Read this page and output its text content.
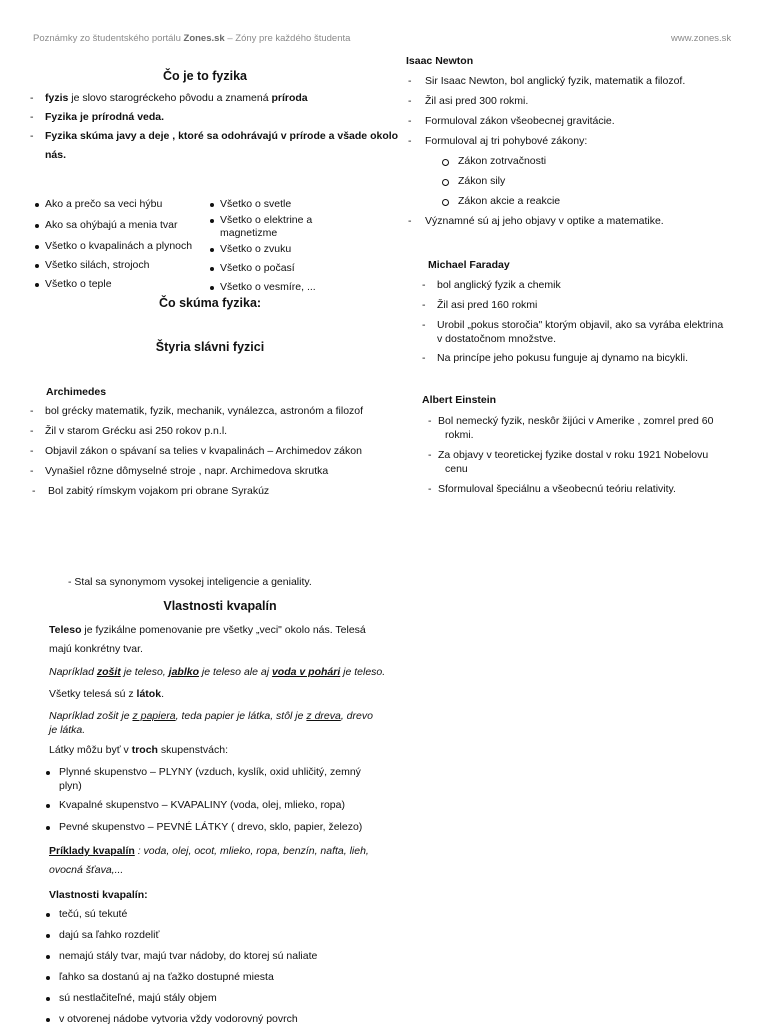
Poznámky zo študentského portálu Zones.sk – Zóny pre každého študenta	www.zones.sk
Čo je to fyzika
-	fyzis je slovo starogréckeho pôvodu a znamená príroda
-	Fyzika je prírodná veda.
-	Fyzika skúma javy a deje , ktoré sa odohrávajú v prírode a všade okolo
nás.
Ako a prečo sa veci hýbu
Ako sa ohýbajú a menia tvar
Všetko o kvapalinách a plynoch
Všetko silách, strojoch
Všetko o teple
Všetko o svetle
Všetko o elektrine a
magnetizme
Všetko o zvuku
Všetko o počasí
Všetko o vesmíre, ...
Čo skúma fyzika:
Štyria slávni fyzici
Archimedes
-	bol grécky matematik, fyzik, mechanik, vynálezca, astronóm a filozof
-	Žil v starom Grécku asi 250 rokov p.n.l.
-	Objavil zákon o spávaní sa telies v kvapalinách – Archimedov zákon
-	Vynašiel rôzne dômyselné stroje , napr. Archimedova skrutka
-	Bol zabitý rímskym vojakom pri obrane Syrakúz
- Stal sa synonymom vysokej inteligencie a geniality.
Isaac Newton
-	Sir Isaac Newton, bol anglický fyzik, matematik a filozof.
-	Žil asi pred 300 rokmi.
-	Formuloval zákon všeobecnej gravitácie.
-	Formuloval aj tri pohybové zákony:
Zákon zotrvačnosti
Zákon sily
Zákon akcie a reakcie
-	Významné sú aj jeho objavy v optike a matematike.
Michael Faraday
-	bol anglický fyzik a chemik
-	Žil asi pred 160 rokmi
-	Urobil „pokus storočia" ktorým objavil, ako sa vyrába elektrina
v dostatočnom množstve.
-	Na princípe jeho pokusu funguje aj dynamo na bicykli.
Albert Einstein
- Bol nemecký fyzik, neskôr žijúci v Amerike , zomrel pred 60
rokmi.
- Za objavy v teoretickej fyzike dostal v roku 1921 Nobelovu
cenu
- Sformuloval špeciálnu a všeobecnú teóriu relativity.
Vlastnosti kvapalín
Teleso je fyzikálne pomenovanie pre všetky „veci" okolo nás. Telesá
majú konkrétny tvar.
Napríklad zošit je teleso, jablko je teleso ale aj voda v pohári je teleso.
Všetky telesá sú z látok.
Napríklad zošit je z papiera, teda papier je látka, stôl je z dreva, drevo
je látka.
Látky môžu byť v troch skupenstvách:
Plynné skupenstvo – PLYNY (vzduch, kyslík, oxid uhličitý, zemný
plyn)
Kvapalné skupenstvo – KVAPALINY (voda, olej, mlieko, ropa)
Pevné skupenstvo – PEVNÉ LÁTKY ( drevo, sklo, papier, železo)
Príklady kvapalín : voda, olej, ocot, mlieko, ropa, benzín, nafta, lieh,
ovocná šťava,...
Vlastnosti kvapalín:
tečú, sú tekuté
dajú sa ľahko rozdeliť
nemajú stály tvar, majú tvar nádoby, do ktorej sú naliate
ľahko sa dostanú aj na ťažko dostupné miesta
sú nestlačiteľné, majú stály objem
v otvorenej nádobe vytvoria vždy vodorovný povrch
